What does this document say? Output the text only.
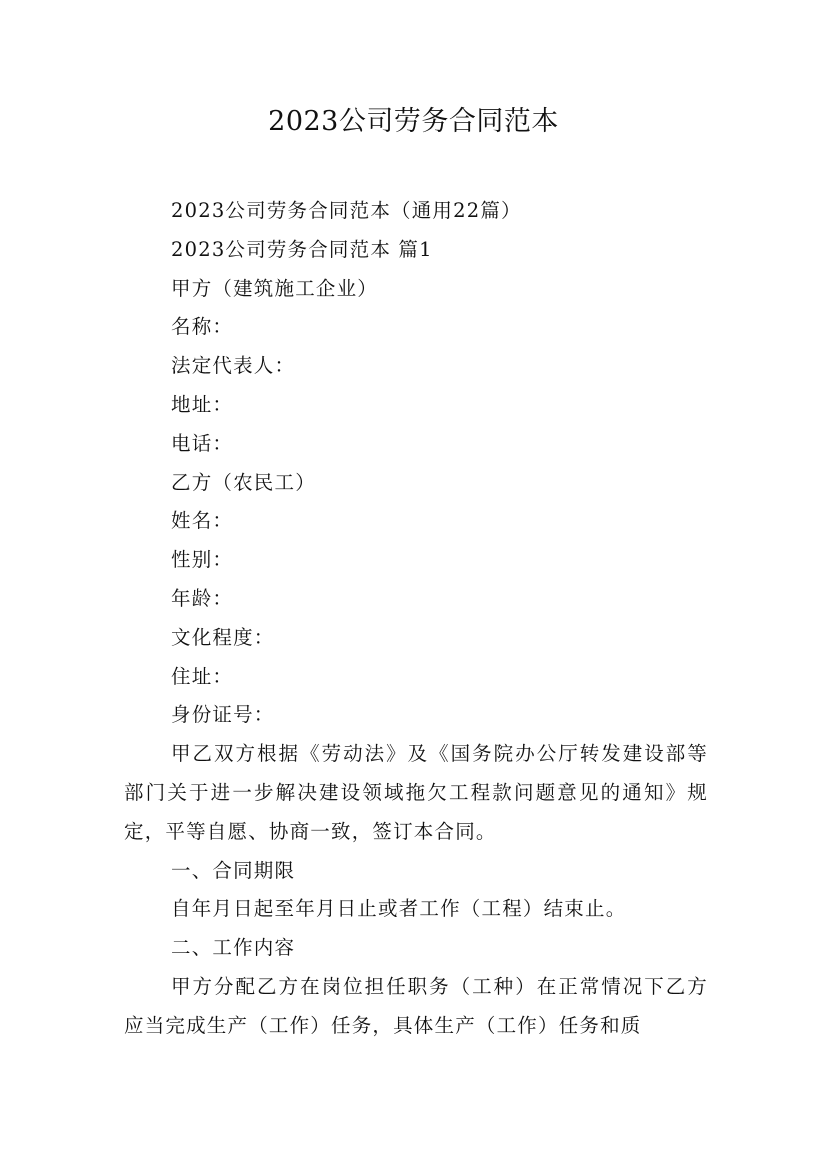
2023公司劳务合同范本

2023公司劳务合同范本（通用22篇）

2023公司劳务合同范本 篇1

甲方（建筑施工企业）

名称：

法定代表人：

地址：

电话：

乙方（农民工）

姓名：

性别：

年龄：

文化程度：

住址：

身份证号：

甲乙双方根据《劳动法》及《国务院办公厅转发建设部等部门关于进一步解决建设领域拖欠工程款问题意见的通知》规定，平等自愿、协商一致，签订本合同。

一、合同期限

自年月日起至年月日止或者工作（工程）结束止。

二、工作内容

甲方分配乙方在岗位担任职务（工种）在正常情况下乙方应当完成生产（工作）任务，具体生产（工作）任务和质
